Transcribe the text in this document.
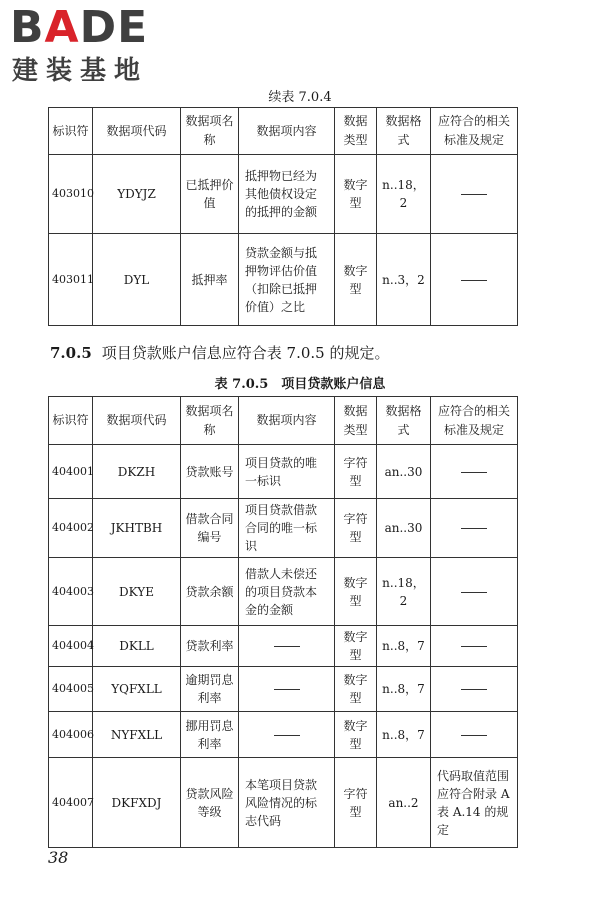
BADE
建装基地
续表 7.0.4
标识符	数据项代码	数据项名称	数据项内容	数据类型	数据格式	应符合的相关标准及规定
403010	YDYJZ	已抵押价值	抵押物已经为其他债权设定的抵押的金额	数字型	n..18，2	
403011	DYL	抵押率	贷款金额与抵押物评估价值（扣除已抵押价值）之比	数字型	n..3，2	
7.0.5 项目贷款账户信息应符合表 7.0.5 的规定。
表 7.0.5　项目贷款账户信息
标识符	数据项代码	数据项名称	数据项内容	数据类型	数据格式	应符合的相关标准及规定
404001	DKZH	贷款账号	项目贷款的唯一标识	字符型	an..30	
404002	JKHTBH	借款合同编号	项目贷款借款合同的唯一标识	字符型	an..30	
404003	DKYE	贷款余额	借款人未偿还的项目贷款本金的金额	数字型	n..18，2	
404004	DKLL	贷款利率		数字型	n..8，7	
404005	YQFXLL	逾期罚息利率		数字型	n..8，7	
404006	NYFXLL	挪用罚息利率		数字型	n..8，7	
404007	DKFXDJ	贷款风险等级	本笔项目贷款风险情况的标志代码	字符型	an..2	代码取值范围应符合附录 A 表 A.14 的规定
38
